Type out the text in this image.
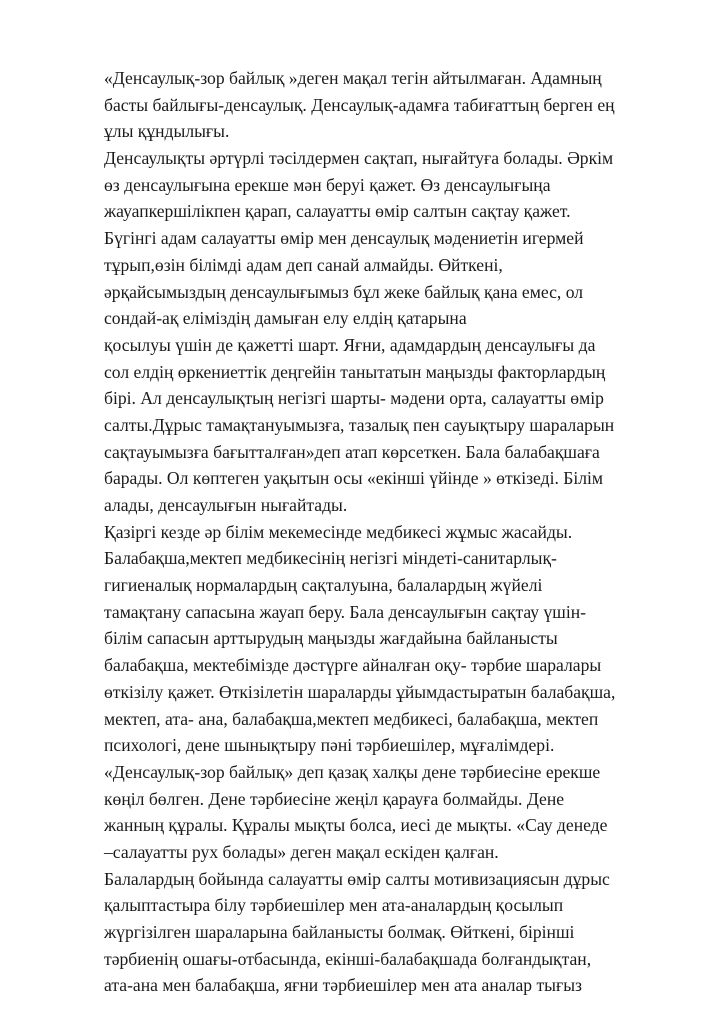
«Денсаулық-зор байлық »деген мақал тегін айтылмаған. Адамның
басты байлығы-денсаулық. Денсаулық-адамға табиғаттың берген ең
ұлы құндылығы.
Денсаулықты әртүрлі тәсілдермен сақтап, нығайтуға болады. Әркім
өз денсаулығына ерекше мән беруі қажет. Өз денсаулығыңа
жауапкершілікпен қарап, салауатты өмір салтын сақтау қажет.
Бүгінгі адам салауатты өмір мен денсаулық мәдениетін игермей
тұрып,өзін білімді адам деп санай алмайды. Өйткені,
әрқайсымыздың денсаулығымыз бұл жеке байлық қана емес, ол
сондай-ақ еліміздің дамыған елу елдің қатарына
қосылуы үшін де қажетті шарт. Яғни, адамдардың денсаулығы да
сол елдің өркениеттік деңгейін танытатын маңызды факторлардың
бірі. Ал денсаулықтың негізгі шарты- мәдени орта, салауатты өмір
салты.Дұрыс тамақтануымызға, тазалық пен сауықтыру шараларын
сақтауымызға бағытталған»деп атап көрсеткен. Бала балабақшаға
барады. Ол көптеген уақытын осы «екінші үйінде » өткізеді. Білім
алады, денсаулығын нығайтады.
Қазіргі кезде әр білім мекемесінде медбикесі жұмыс жасайды.
Балабақша,мектеп медбикесінің негізгі міндеті-санитарлық-
гигиеналық нормалардың сақталуына, балалардың жүйелі
тамақтану сапасына жауап беру. Бала денсаулығын сақтау үшін-
білім сапасын арттырудың маңызды жағдайына байланысты
балабақша, мектебімізде дәстүрге айналған оқу- тәрбие шаралары
өткізілу қажет. Өткізілетін шараларды ұйымдастыратын балабақша,
мектеп, ата- ана, балабақша,мектеп медбикесі, балабақша, мектеп
психологі, дене шынықтыру пәні тәрбиешілер, мұғалімдері.
«Денсаулық-зор байлық» деп қазақ халқы дене тәрбиесіне ерекше
көңіл бөлген. Дене тәрбиесіне жеңіл қарауға болмайды. Дене
жанның құралы. Құралы мықты болса, иесі де мықты. «Сау денеде
–салауатты рух болады» деген мақал ескіден қалған.
Балалардың бойында салауатты өмір салты мотивизациясын дұрыс
қалыптастыра білу тәрбиешілер мен ата-аналардың қосылып
жүргізілген шараларына байланысты болмақ. Өйткені, бірінші
тәрбиенің ошағы-отбасында, екінші-балабақшада болғандықтан,
ата-ана мен балабақша, яғни тәрбиешілер мен ата аналар тығыз
